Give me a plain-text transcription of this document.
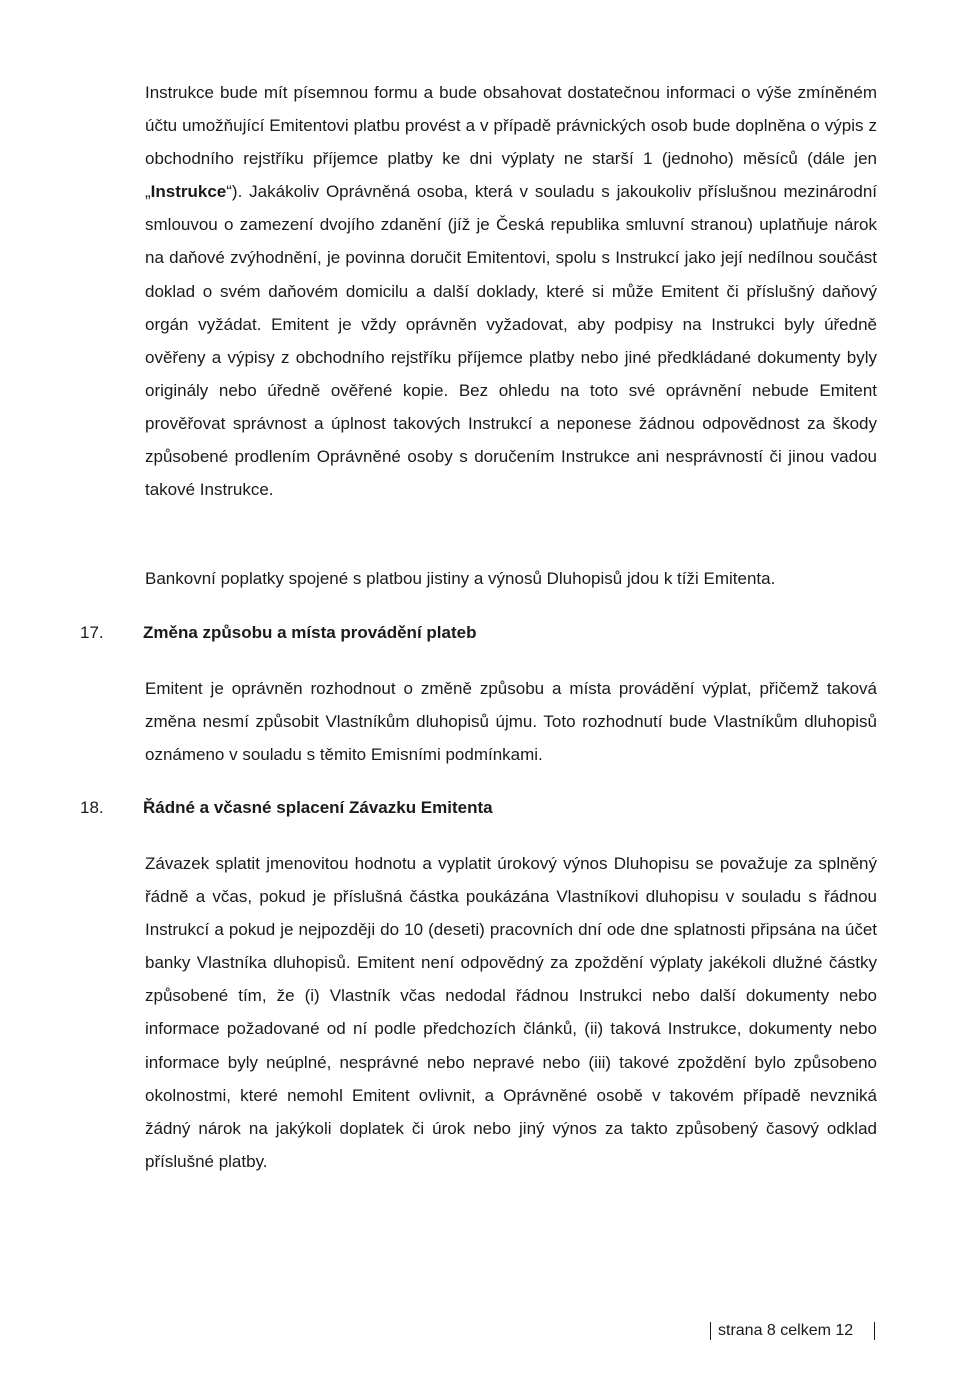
Instrukce bude mít písemnou formu a bude obsahovat dostatečnou informaci o výše zmíněném účtu umožňující Emitentovi platbu provést a v případě právnických osob bude doplněna o výpis z obchodního rejstříku příjemce platby ke dni výplaty ne starší 1 (jednoho) měsíců (dále jen „Instrukce“). Jakákoliv Oprávněná osoba, která v souladu s jakoukoliv příslušnou mezinárodní smlouvou o zamezení dvojího zdanění (jíž je Česká republika smluvní stranou) uplatňuje nárok na daňové zvýhodnění, je povinna doručit Emitentovi, spolu s Instrukcí jako její nedílnou součást doklad o svém daňovém domicilu a další doklady, které si může Emitent či příslušný daňový orgán vyžádat. Emitent je vždy oprávněn vyžadovat, aby podpisy na Instrukci byly úředně ověřeny a výpisy z obchodního rejstříku příjemce platby nebo jiné předkládané dokumenty byly originály nebo úředně ověřené kopie. Bez ohledu na toto své oprávnění nebude Emitent prověřovat správnost a úplnost takových Instrukcí a neponese žádnou odpovědnost za škody způsobené prodlením Oprávněné osoby s doručením Instrukce ani nesprávností či jinou vadou takové Instrukce.

Bankovní poplatky spojené s platbou jistiny a výnosů Dluhopisů jdou k tíži Emitenta.

17. Změna způsobu a místa provádění plateb

Emitent je oprávněn rozhodnout o změně způsobu a místa provádění výplat, přičemž taková změna nesmí způsobit Vlastníkům dluhopisů újmu. Toto rozhodnutí bude Vlastníkům dluhopisů oznámeno v souladu s těmito Emisními podmínkami.

18. Řádné a včasné splacení Závazku Emitenta

Závazek splatit jmenovitou hodnotu a vyplatit úrokový výnos Dluhopisu se považuje za splněný řádně a včas, pokud je příslušná částka poukázána Vlastníkovi dluhopisu v souladu s řádnou Instrukcí a pokud je nejpozději do 10 (deseti) pracovních dní ode dne splatnosti připsána na účet banky Vlastníka dluhopisů. Emitent není odpovědný za zpoždění výplaty jakékoli dlužné částky způsobené tím, že (i) Vlastník včas nedodal řádnou Instrukci nebo další dokumenty nebo informace požadované od ní podle předchozích článků, (ii) taková Instrukce, dokumenty nebo informace byly neúplné, nesprávné nebo nepravé nebo (iii) takové zpoždění bylo způsobeno okolnostmi, které nemohl Emitent ovlivnit, a Oprávněné osobě v takovém případě nevzniká žádný nárok na jakýkoli doplatek či úrok nebo jiný výnos za takto způsobený časový odklad příslušné platby.

strana 8 celkem 12
